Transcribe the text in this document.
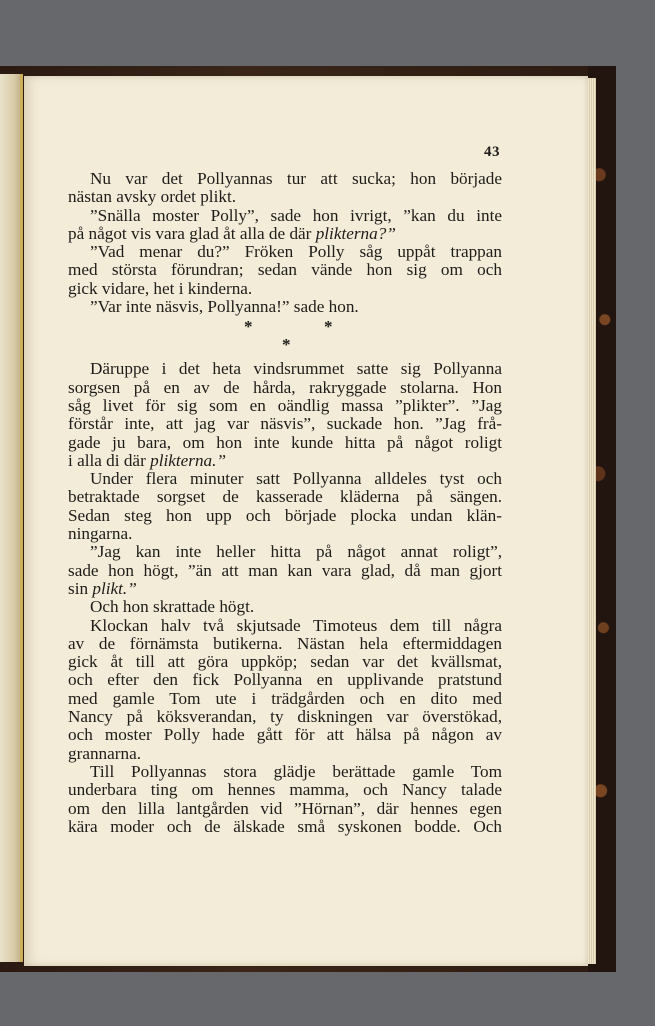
43
Nu var det Pollyannas tur att sucka; hon började
nästan avsky ordet plikt.
”Snälla moster Polly”, sade hon ivrigt, ”kan du inte
på något vis vara glad åt alla de där plikterna?”
”Vad menar du?” Fröken Polly såg uppåt trappan
med största förundran; sedan vände hon sig om och
gick vidare, het i kinderna.
”Var inte näsvis, Pollyanna!” sade hon.
*	*
*
Däruppe i det heta vindsrummet satte sig Pollyanna
sorgsen på en av de hårda, rakryggade stolarna. Hon
såg livet för sig som en oändlig massa ”plikter”. ”Jag
förstår inte, att jag var näsvis”, suckade hon. ”Jag frå-
gade ju bara, om hon inte kunde hitta på något roligt
i alla di där plikterna.”
Under flera minuter satt Pollyanna alldeles tyst och
betraktade sorgset de kasserade kläderna på sängen.
Sedan steg hon upp och började plocka undan klän-
ningarna.
”Jag kan inte heller hitta på något annat roligt”,
sade hon högt, ”än att man kan vara glad, då man gjort
sin plikt.”
Och hon skrattade högt.
Klockan halv två skjutsade Timoteus dem till några
av de förnämsta butikerna. Nästan hela eftermiddagen
gick åt till att göra uppköp; sedan var det kvällsmat,
och efter den fick Pollyanna en upplivande pratstund
med gamle Tom ute i trädgården och en dito med
Nancy på köksverandan, ty diskningen var överstökad,
och moster Polly hade gått för att hälsa på någon av
grannarna.
Till Pollyannas stora glädje berättade gamle Tom
underbara ting om hennes mamma, och Nancy talade
om den lilla lantgården vid ”Hörnan”, där hennes egen
kära moder och de älskade små syskonen bodde. Och
